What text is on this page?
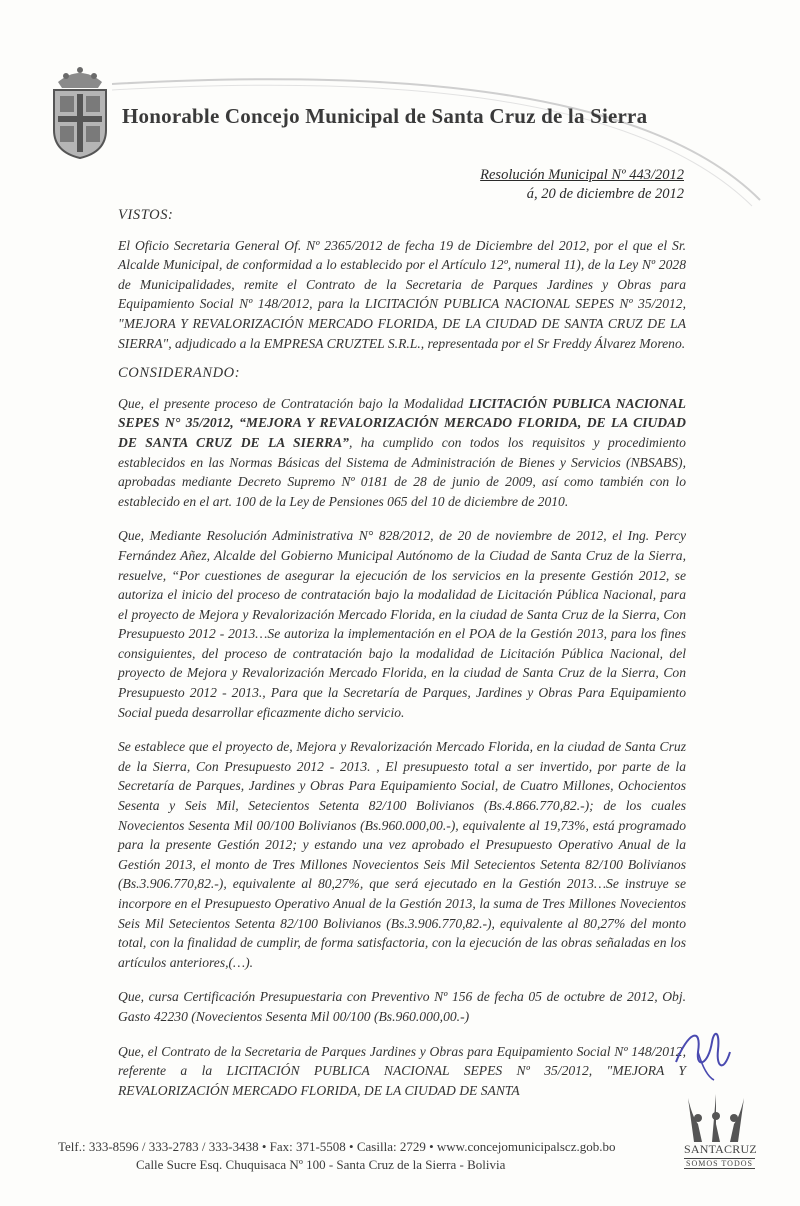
Honorable Concejo Municipal de Santa Cruz de la Sierra
Resolución Municipal Nº 443/2012
á, 20 de diciembre de 2012
VISTOS:

El Oficio Secretaria General Of. Nº 2365/2012 de fecha 19 de Diciembre del 2012, por el que el Sr. Alcalde Municipal, de conformidad a lo establecido por el Artículo 12º, numeral 11), de la Ley Nº 2028 de Municipalidades, remite el Contrato de la Secretaria de Parques Jardines y Obras para Equipamiento Social Nº 148/2012, para la LICITACIÓN PUBLICA NACIONAL SEPES Nº 35/2012, "MEJORA Y REVALORIZACIÓN MERCADO FLORIDA, DE LA CIUDAD DE SANTA CRUZ DE LA SIERRA", adjudicado a la EMPRESA CRUZTEL S.R.L., representada por el Sr Freddy Álvarez Moreno.

CONSIDERANDO:

Que, el presente proceso de Contratación bajo la Modalidad LICITACIÓN PUBLICA NACIONAL SEPES N° 35/2012, “MEJORA Y REVALORIZACIÓN MERCADO FLORIDA, DE LA CIUDAD DE SANTA CRUZ DE LA SIERRA”, ha cumplido con todos los requisitos y procedimiento establecidos en las Normas Básicas del Sistema de Administración de Bienes y Servicios (NBSABS), aprobadas mediante Decreto Supremo Nº 0181 de 28 de junio de 2009, así como también con lo establecido en el art. 100 de la Ley de Pensiones 065 del 10 de diciembre de 2010.

Que, Mediante Resolución Administrativa N° 828/2012, de 20 de noviembre de 2012, el Ing. Percy Fernández Añez, Alcalde del Gobierno Municipal Autónomo de la Ciudad de Santa Cruz de la Sierra, resuelve, “Por cuestiones de asegurar la ejecución de los servicios en la presente Gestión 2012, se autoriza el inicio del proceso de contratación bajo la modalidad de Licitación Pública Nacional, para el proyecto de Mejora y Revalorización Mercado Florida, en la ciudad de Santa Cruz de la Sierra, Con Presupuesto 2012 - 2013…Se autoriza la implementación en el POA de la Gestión 2013, para los fines consiguientes, del proceso de contratación bajo la modalidad de Licitación Pública Nacional, del proyecto de Mejora y Revalorización Mercado Florida, en la ciudad de Santa Cruz de la Sierra, Con Presupuesto 2012 - 2013., Para que la Secretaría de Parques, Jardines y Obras Para Equipamiento Social pueda desarrollar eficazmente dicho servicio.

Se establece que el proyecto de, Mejora y Revalorización Mercado Florida, en la ciudad de Santa Cruz de la Sierra, Con Presupuesto 2012 - 2013. , El presupuesto total a ser invertido, por parte de la Secretaría de Parques, Jardines y Obras Para Equipamiento Social, de Cuatro Millones, Ochocientos Sesenta y Seis Mil, Setecientos Setenta 82/100 Bolivianos (Bs.4.866.770,82.-); de los cuales Novecientos Sesenta Mil 00/100 Bolivianos (Bs.960.000,00.-), equivalente al 19,73%, está programado para la presente Gestión 2012; y estando una vez aprobado el Presupuesto Operativo Anual de la Gestión 2013, el monto de Tres Millones Novecientos Seis Mil Setecientos Setenta 82/100 Bolivianos (Bs.3.906.770,82.-), equivalente al 80,27%, que será ejecutado en la Gestión 2013…Se instruye se incorpore en el Presupuesto Operativo Anual de la Gestión 2013, la suma de Tres Millones Novecientos Seis Mil Setecientos Setenta 82/100 Bolivianos (Bs.3.906.770,82.-), equivalente al 80,27% del monto total, con la finalidad de cumplir, de forma satisfactoria, con la ejecución de las obras señaladas en los artículos anteriores,(…).

Que, cursa Certificación Presupuestaria con Preventivo Nº 156 de fecha 05 de octubre de 2012, Obj. Gasto 42230 (Novecientos Sesenta Mil 00/100 (Bs.960.000,00.-)

Que, el Contrato de la Secretaria de Parques Jardines y Obras para Equipamiento Social Nº 148/2012, referente a la LICITACIÓN PUBLICA NACIONAL SEPES Nº 35/2012, "MEJORA Y REVALORIZACIÓN MERCADO FLORIDA, DE LA CIUDAD DE SANTA

Telf.: 333-8596 / 333-2783 / 333-3438 • Fax: 371-5508 • Casilla: 2729 • www.concejomunicipalscz.gob.bo
Calle Sucre Esq. Chuquisaca Nº 100 - Santa Cruz de la Sierra - Bolivia
SANTACRUZ
SOMOS TODOS
